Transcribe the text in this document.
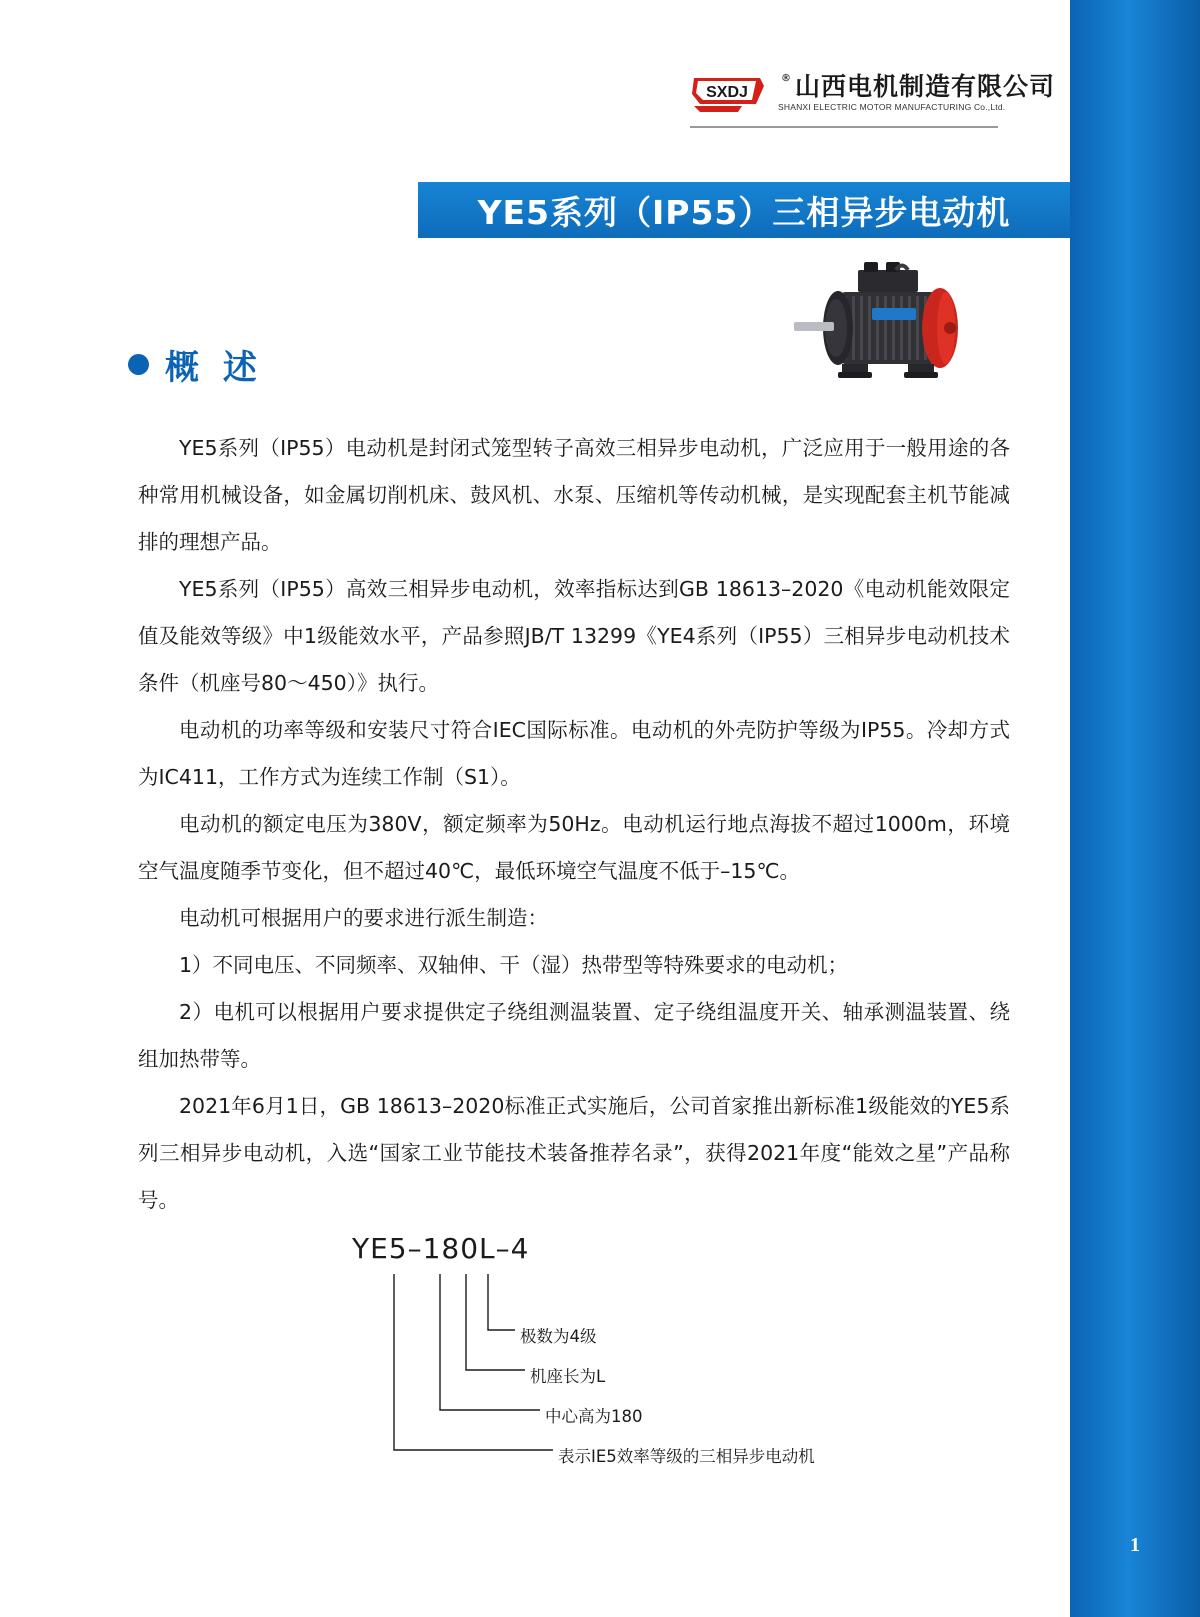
1
SXDJ
® 山西电机制造有限公司
SHANXI ELECTRIC MOTOR MANUFACTURING Co.,Ltd.
YE5系列（IP55）三相异步电动机
概 述

YE5系列（IP55）电动机是封闭式笼型转子高效三相异步电动机，广泛应用于一般用途的各种常用机械设备，如金属切削机床、鼓风机、水泵、压缩机等传动机械，是实现配套主机节能减排的理想产品。

YE5系列（IP55）高效三相异步电动机，效率指标达到GB 18613–2020《电动机能效限定值及能效等级》中1级能效水平，产品参照JB/T 13299《YE4系列（IP55）三相异步电动机技术条件（机座号80～450）》执行。

电动机的功率等级和安装尺寸符合IEC国际标准。电动机的外壳防护等级为IP55。冷却方式为IC411，工作方式为连续工作制（S1）。

电动机的额定电压为380V，额定频率为50Hz。电动机运行地点海拔不超过1000m，环境空气温度随季节变化，但不超过40℃，最低环境空气温度不低于–15℃。

电动机可根据用户的要求进行派生制造：

1）不同电压、不同频率、双轴伸、干（湿）热带型等特殊要求的电动机；

2）电机可以根据用户要求提供定子绕组测温装置、定子绕组温度开关、轴承测温装置、绕组加热带等。

2021年6月1日，GB 18613–2020标准正式实施后，公司首家推出新标准1级能效的YE5系列三相异步电动机，入选“国家工业节能技术装备推荐名录”，获得2021年度“能效之星”产品称号。

YE5–180L–4
极数为4级
机座长为L
中心高为180
表示IE5效率等级的三相异步电动机
